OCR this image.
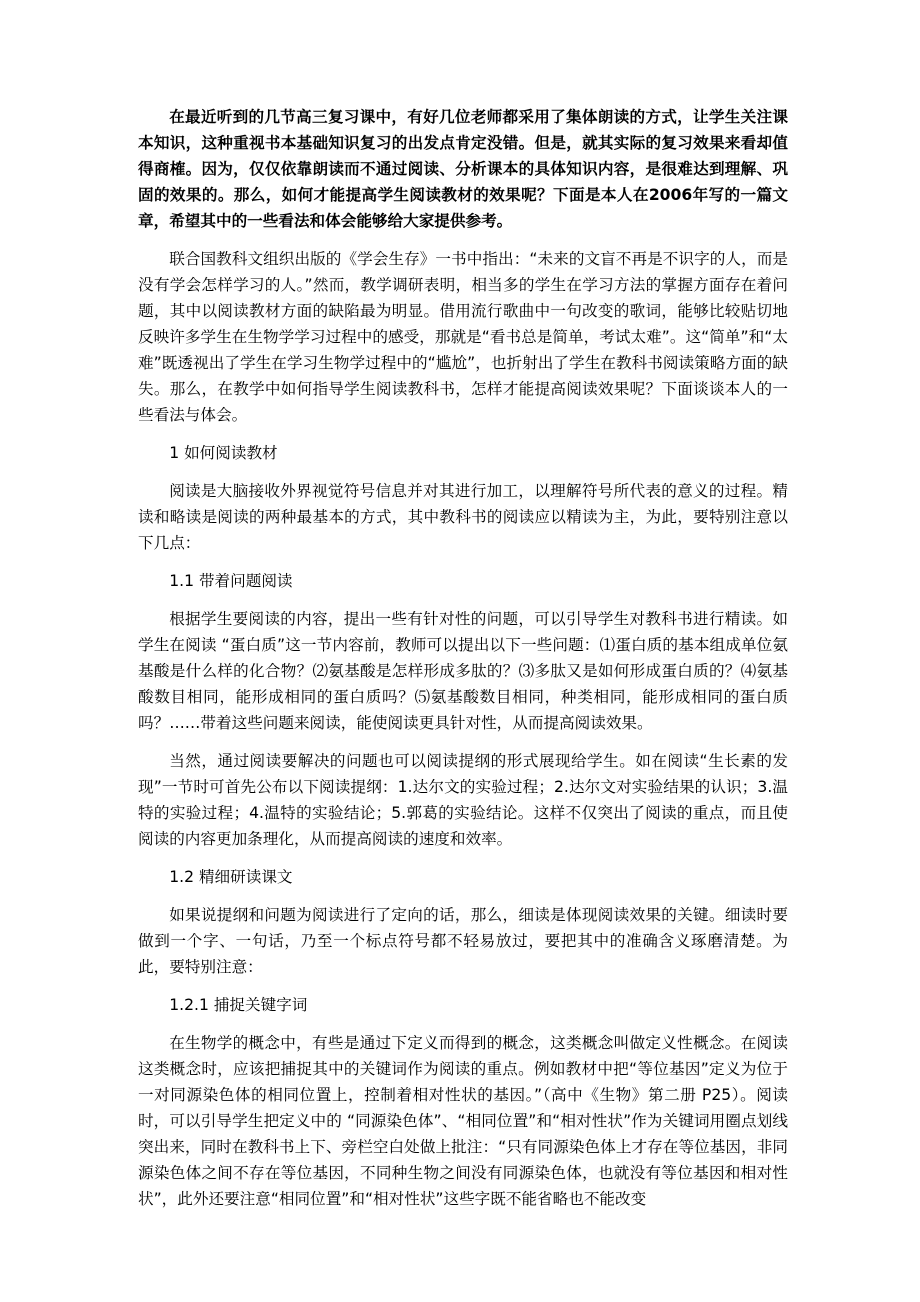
在最近听到的几节高三复习课中，有好几位老师都采用了集体朗读的方式，让学生关注课本知识，这种重视书本基础知识复习的出发点肯定没错。但是，就其实际的复习效果来看却值得商榷。因为，仅仅依靠朗读而不通过阅读、分析课本的具体知识内容，是很难达到理解、巩固的效果的。那么，如何才能提高学生阅读教材的效果呢？下面是本人在2006年写的一篇文章，希望其中的一些看法和体会能够给大家提供参考。

联合国教科文组织出版的《学会生存》一书中指出：“未来的文盲不再是不识字的人，而是没有学会怎样学习的人。”然而，教学调研表明，相当多的学生在学习方法的掌握方面存在着问题，其中以阅读教材方面的缺陷最为明显。借用流行歌曲中一句改变的歌词，能够比较贴切地反映许多学生在生物学学习过程中的感受，那就是“看书总是简单，考试太难”。这“简单”和“太难”既透视出了学生在学习生物学过程中的“尴尬”，也折射出了学生在教科书阅读策略方面的缺失。那么，在教学中如何指导学生阅读教科书，怎样才能提高阅读效果呢？下面谈谈本人的一些看法与体会。

1 如何阅读教材

阅读是大脑接收外界视觉符号信息并对其进行加工，以理解符号所代表的意义的过程。精读和略读是阅读的两种最基本的方式，其中教科书的阅读应以精读为主，为此，要特别注意以下几点：

1.1 带着问题阅读

根据学生要阅读的内容，提出一些有针对性的问题，可以引导学生对教科书进行精读。如学生在阅读 “蛋白质”这一节内容前，教师可以提出以下一些问题：⑴蛋白质的基本组成单位氨基酸是什么样的化合物？⑵氨基酸是怎样形成多肽的？⑶多肽又是如何形成蛋白质的？⑷氨基酸数目相同，能形成相同的蛋白质吗？⑸氨基酸数目相同，种类相同，能形成相同的蛋白质吗？……带着这些问题来阅读，能使阅读更具针对性，从而提高阅读效果。

当然，通过阅读要解决的问题也可以阅读提纲的形式展现给学生。如在阅读“生长素的发现”一节时可首先公布以下阅读提纲：1.达尔文的实验过程；2.达尔文对实验结果的认识；3.温特的实验过程；4.温特的实验结论；5.郭葛的实验结论。这样不仅突出了阅读的重点，而且使阅读的内容更加条理化，从而提高阅读的速度和效率。

1.2 精细研读课文

如果说提纲和问题为阅读进行了定向的话，那么，细读是体现阅读效果的关键。细读时要做到一个字、一句话，乃至一个标点符号都不轻易放过，要把其中的准确含义琢磨清楚。为此，要特别注意：

1.2.1 捕捉关键字词

在生物学的概念中，有些是通过下定义而得到的概念，这类概念叫做定义性概念。在阅读这类概念时，应该把捕捉其中的关键词作为阅读的重点。例如教材中把“等位基因”定义为位于一对同源染色体的相同位置上，控制着相对性状的基因。”（高中《生物》第二册 P25）。阅读时，可以引导学生把定义中的 “同源染色体”、“相同位置”和“相对性状”作为关键词用圈点划线突出来，同时在教科书上下、旁栏空白处做上批注：“只有同源染色体上才存在等位基因，非同源染色体之间不存在等位基因，不同种生物之间没有同源染色体，也就没有等位基因和相对性状”，此外还要注意“相同位置”和“相对性状”这些字既不能省略也不能改变
